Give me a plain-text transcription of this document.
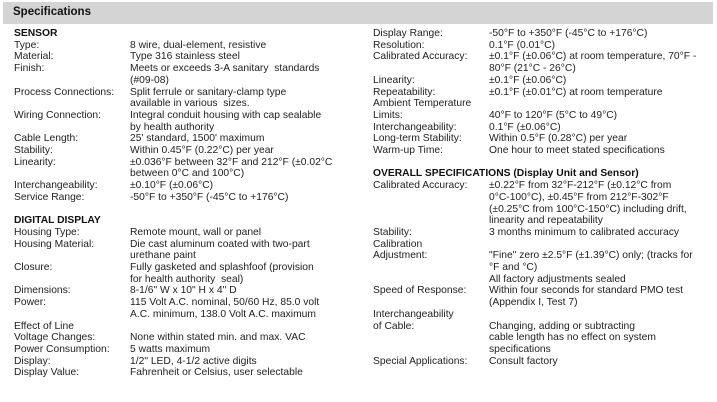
Specifications
SENSOR
Type:	8 wire, dual-element, resistive
Material:	Type 316 stainless steel
Finish:	Meets or exceeds 3-A sanitary  standards
(#09-08)
Process Connections:	Split ferrule or sanitary-clamp type
available in various  sizes.
Wiring Connection:	Integral conduit housing with cap sealable
by health authority
Cable Length:	25' standard, 1500' maximum
Stability:	Within 0.45°F (0.22°C) per year
Linearity:	±0.036°F between 32°F and 212°F (±0.02°C
between 0°C and 100°C)
Interchangeability:	±0.10°F (±0.06°C)
Service Range:	-50°F to +350°F (-45°C to +176°C)
DIGITAL DISPLAY
Housing Type:	Remote mount, wall or panel
Housing Material:	Die cast aluminum coated with two-part
urethane paint
Closure:	Fully gasketed and splashfoof (provision
for health authority  seal)
Dimensions:	8-1/6" W x 10" H x 4" D
Power:	115 Volt A.C. nominal, 50/60 Hz, 85.0 volt
A.C. minimum, 138.0 Volt A.C. maximum
Effect of Line
Voltage Changes:	None within stated min. and max. VAC
Power Consumption:	5 watts maximum
Display:	1/2" LED, 4-1/2 active digits
Display Value:	Fahrenheit or Celsius, user selectable
Display Range:	-50°F to +350°F (-45°C to +176°C)
Resolution:	0.1°F (0.01°C)
Calibrated Accuracy:	±0.1°F (±0.06°C) at room temperature, 70°F -
80°F (21°C - 26°C)
Linearity:	±0.1°F (±0.06°C)
Repeatability:	±0.1°F (±0.01°C) at room temperature
Ambient Temperature
Limits:	40°F to 120°F (5°C to 49°C)
Interchangeability:	0.1°F (±0.06°C)
Long-term Stability:	Within 0.5°F (0.28°C) per year
Warm-up Time:	One hour to meet stated specifications
OVERALL SPECIFICATIONS (Display Unit and Sensor)
Calibrated Accuracy:	±0.22°F from 32°F-212°F (±0.12°C from
0°C-100°C), ±0.45°F from 212°F-302°F
(±0.25°C from 100°C-150°C) including drift,
linearity and repeatability
Stability:	3 months minimum to calibrated accuracy
Calibration
Adjustment:	"Fine" zero ±2.5°F (±1.39°C) only; (tracks for
°F and °C)
All factory adjustments sealed
Speed of Response:	Within four seconds for standard PMO test
(Appendix I, Test 7)
Interchangeability
of Cable:	Changing, adding or subtracting
cable length has no effect on system
specifications
Special Applications:	Consult factory
